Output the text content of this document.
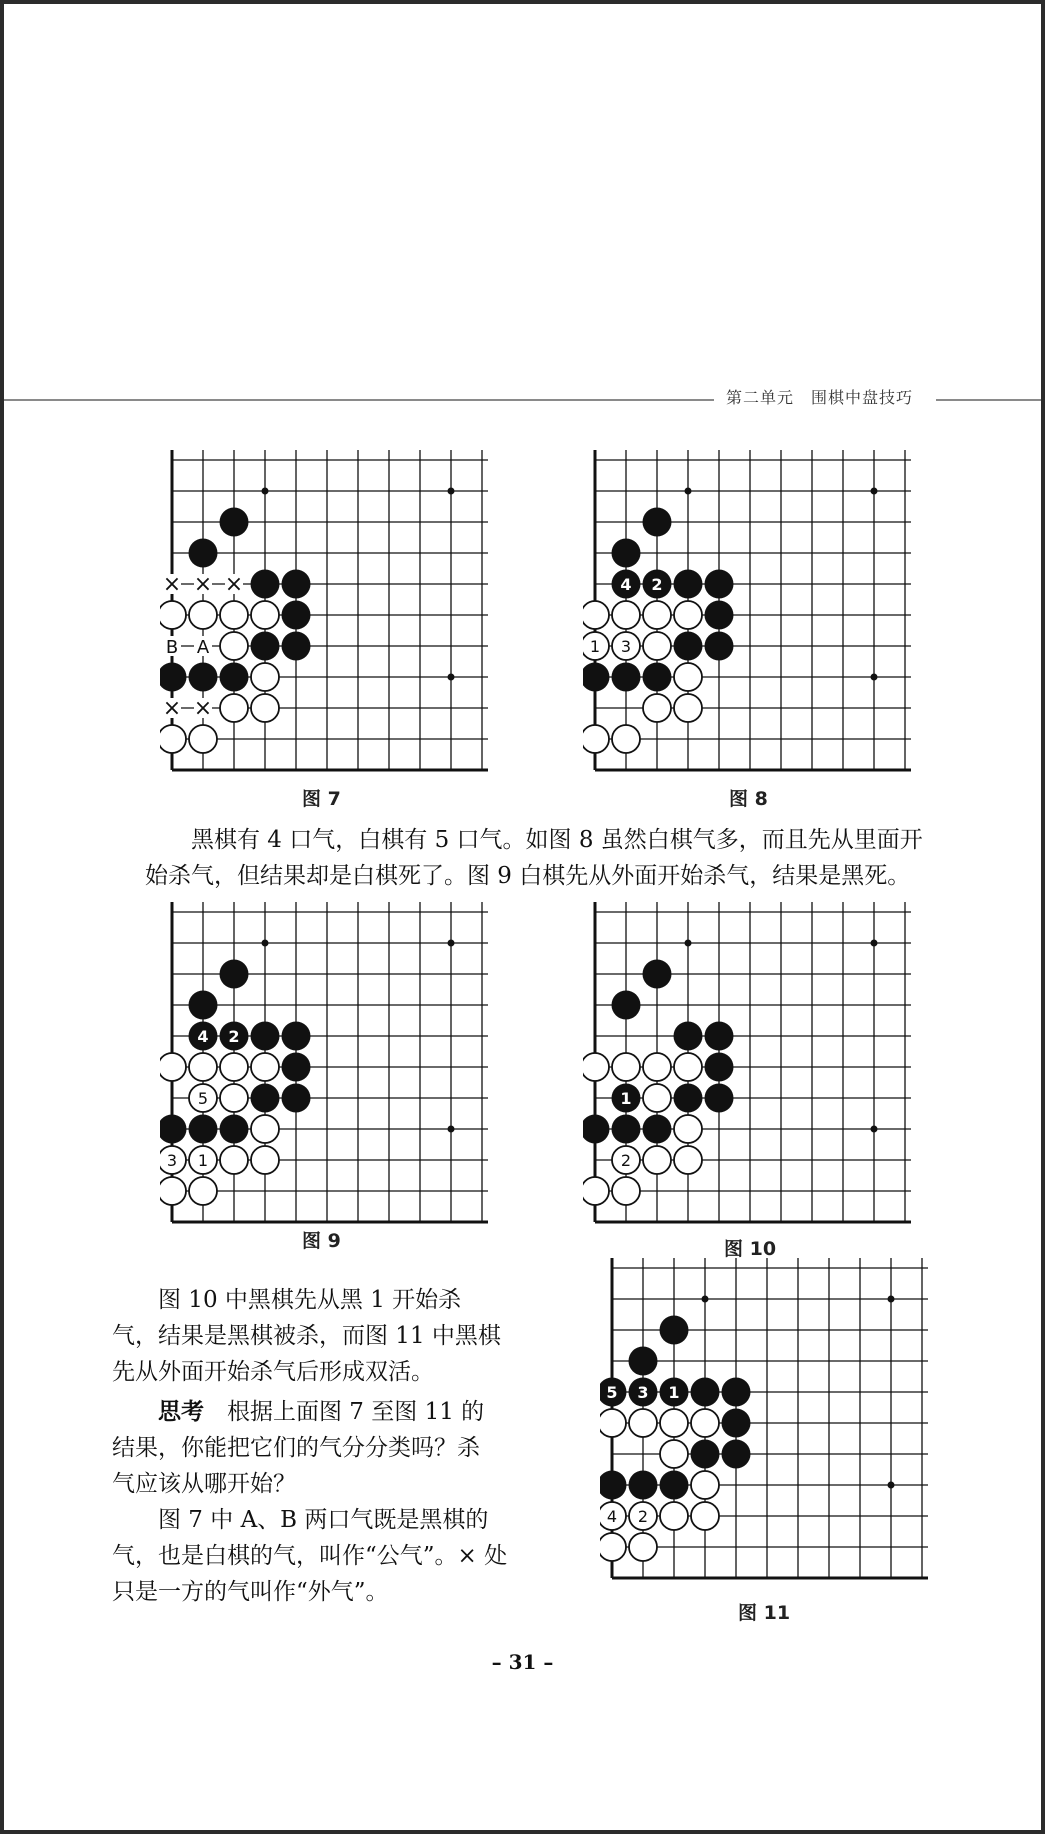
第二单元　围棋中盘技巧
× × ×
B A
× ×
图 7
1 3
4 2
图 8

　　黑棋有 4 口气，白棋有 5 口气。如图 8 虽然白棋气多，而且先从里面开

始杀气，但结果却是白棋死了。图 9 白棋先从外面开始杀气，结果是黑死。

5
3 1
4 2
图 9
2
1
图 10

　　图 10 中黑棋先从黑 1 开始杀

气，结果是黑棋被杀，而图 11 中黑棋

先从外面开始杀气后形成双活。

思考　根据上面图 7 至图 11 的

结果，你能把它们的气分分类吗？杀

气应该从哪开始？

　　图 7 中 A、B 两口气既是黑棋的

气，也是白棋的气，叫作“公气”。× 处

只是一方的气叫作“外气”。

4 2
5 3 1
图 11
– 31 –
